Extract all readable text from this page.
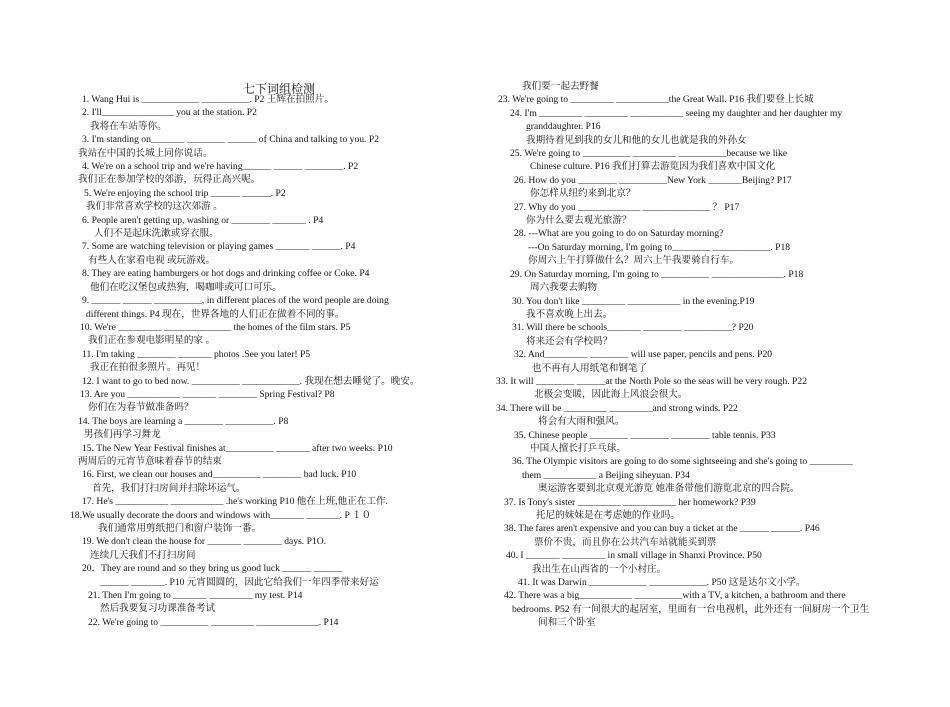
七下词组检测
1. Wang Hui is ____________ __________. P2 王辉在拍照片。
2. I'll_______________ you at the station. P2
我将在车站等你。
3. I'm standing on_______ ________ ______ of China and talking to you. P2
我站在中国的长城上同你说话。
4. We're on a school trip and we're having______ ______ ________. P2
我们正在参加学校的郊游，玩得正高兴呢。
5. We're enjoying the school trip ______ ______. P2
我们非常喜欢学校的这次郊游 。
6. People aren't getting up, washing or ________ _______ . P4
人们不是起床洗漱或穿衣服。
7. Some are watching television or playing games _______ ______. P4
有些人在家看电视 或玩游戏。
8. They are eating hamburgers or hot dogs and drinking coffee or Coke. P4
他们在吃汉堡包或热狗，喝咖啡或可口可乐。
9. ______ ______ __________, in different places of the word people are doing
different things. P4 现在，世界各地的人们正在做着不同的事。
10. We're _________ ______________ the homes of the film stars. P5
我们正在参观电影明星的家 。
11. I'm taking ________ _______ photos .See you later! P5
我正在拍很多照片。再见！
12. I want to go to bed now. __________ ____________. 我现在想去睡觉了。晚安。
13. Are you ___________ _______ ________ Spring Festival? P8
你们在为春节做准备吗？
14. The boys are learning a ________ __________. P8
男孩们再学习舞龙
15. The New Year Festival finishes at__________ _______ after two weeks. P10
两周后的元宵节意味着春节的结束
16. First, we clean our houses and__________ ________ bad luck. P10
首先，我们打扫房间并扫除坏运气。
17. He's ___________ ___________ .he's working P10 他在上班,他正在工作.
18.We usually decorate the doors and windows with_______ _______. P １０
我们通常用剪纸把门和窗户装饰一番。
19. We don't clean the house for _______ ________ days. P1O.
连续几天我们不打扫房间
20．They are round and so they bring us good luck ______ ______
______ _______. P10 元宵圆圆的，因此它给我们一年四季带来好运
21. Then I'm going to _______ _________ my test. P14
然后我要复习功课准备考试
22. We're going to __________ _________ _____________. P14
我们要一起去野餐
23. We're going to _________ ___________the Great Wall. P16 我们要登上长城
24. I'm _________ _________ ___________ seeing my daughter and her daughter my
granddaughter. P16
我期待着见到我的女儿和他的女儿也就是我的外孙女
25. We're going to __________ _________ __________because we like
Chinese culture. P16 我们打算去游览因为我们喜欢中国文化
26. How do you ________ __________New York _______Beijing? P17
你怎样从纽约来到北京？
27. Why do you _____________ ______________ ？ P17
你为什么要去观光旅游？
28. ---What are you going to do on Saturday morning?
---On Saturday morning, I'm going to________ ____________. P18
你周六上午打算做什么？周六上午我要骑自行车。
29. On Saturday morning, I'm going to __________ _______________. P18
周六我要去购物
30. You don't like _________ ___________ in the evening.P19
我不喜欢晚上出去。
31. Will there be schools_______ ________ __________? P20
将来还会有学校吗？
32. And_________ ________ will use paper, pencils and pens. P20
也不再有人用纸笔和钢笔了
33. It will ________ ______at the North Pole so the seas will be very rough. P22
北极会变暖，因此海上风浪会很大。
34. There will be _________ _________and strong winds. P22
将会有大雨和强风。
35. Chinese people ________ ________ ________ table tennis. P33
中国人擅长打乒乓球。
36. The Olympic visitors are going to do some sightseeing and she's going to _________
them ___________ a Beijing siheyuan. P34
奥运游客要到北京观光游览 她准备带他们游览北京的四合院。
37. Is Tony's sister _________ ___________ her homework? P39
托尼的妹妹是在考虑她的作业吗。
38. The fares aren't expensive and you can buy a ticket at the ______ ______. P46
票价不贵，而且你在公共汽车站就能买到票
40. I _______ _________ in small village in Shanxi Province. P50
我出生在山西省的一个小村庄。
41. It was Darwin ____________ ____________. P50 这是达尔文小学。
42. There was a big___________ __________with a TV, a kitchen, a bathroom and there
bedrooms. P52 有一间很大的起居室，里面有一台电视机，此外还有一间厨房一个卫生
间和三个卧室
